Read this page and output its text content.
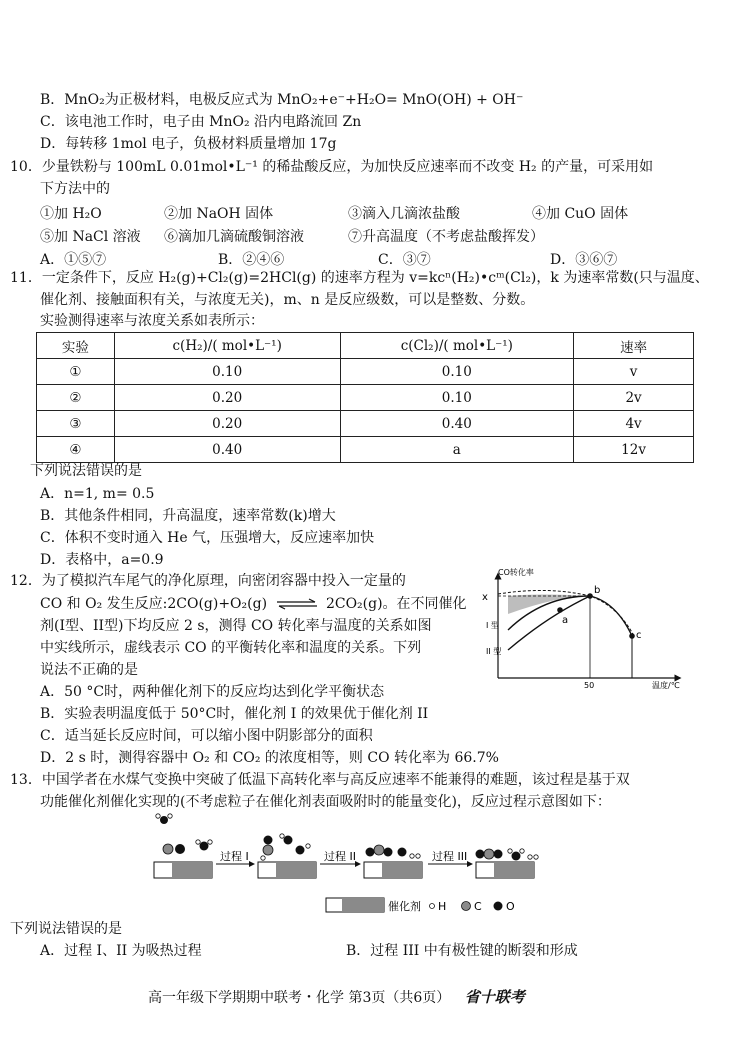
B．MnO₂为正极材料，电极反应式为 MnO₂+e⁻+H₂O= MnO(OH) + OH⁻
C．该电池工作时，电子由 MnO₂ 沿内电路流回 Zn
D．每转移 1mol 电子，负极材料质量增加 17g
10．少量铁粉与 100mL 0.01mol•L⁻¹ 的稀盐酸反应，为加快反应速率而不改变 H₂ 的产量，可采用如
下方法中的
①加 H₂O	②加 NaOH 固体	③滴入几滴浓盐酸	④加 CuO 固体
⑤加 NaCl 溶液 ⑥滴加几滴硫酸铜溶液	⑦升高温度（不考虑盐酸挥发）
A．①⑤⑦	B．②④⑥	C．③⑦	D．③⑥⑦
11．一定条件下，反应 H₂(g)+Cl₂(g)=2HCl(g) 的速率方程为 v=kcⁿ(H₂)•cᵐ(Cl₂)，k 为速率常数(只与温度、
催化剂、接触面积有关，与浓度无关)，m、n 是反应级数，可以是整数、分数。
实验测得速率与浓度关系如表所示：
实验	c(H₂)/( mol•L⁻¹)	c(Cl₂)/( mol•L⁻¹)	速率
①	0.10	0.10	v
②	0.20	0.10	2v
③	0.20	0.40	4v
④	0.40	a	12v
下列说法错误的是
A．n=1, m= 0.5
B．其他条件相同，升高温度，速率常数(k)增大
C．体积不变时通入 He 气，压强增大，反应速率加快
D．表格中，a=0.9
12．为了模拟汽车尾气的净化原理，向密闭容器中投入一定量的
CO 和 O₂ 发生反应:2CO(g)+O₂(g) ⇌ 2CO₂(g)。在不同催化
剂(I型、II型)下均反应 2 s，测得 CO 转化率与温度的关系如图
中实线所示，虚线表示 CO 的平衡转化率和温度的关系。下列
说法不正确的是
CO转化率
x
b
a
c
I 型
II 型
50	温度/℃
A．50 °C时，两种催化剂下的反应均达到化学平衡状态
B．实验表明温度低于 50°C时，催化剂 I 的效果优于催化剂 II
C．适当延长反应时间，可以缩小图中阴影部分的面积
D．2 s 时，测得容器中 O₂ 和 CO₂ 的浓度相等，则 CO 转化率为 66.7%
13．中国学者在水煤气变换中突破了低温下高转化率与高反应速率不能兼得的难题，该过程是基于双
功能催化剂催化实现的(不考虑粒子在催化剂表面吸附时的能量变化)，反应过程示意图如下：
过程 I	过程 II	过程 III
催化剂 H	C O
下列说法错误的是
A．过程 I、II 为吸热过程	B．过程 III 中有极性键的断裂和形成
高一年级下学期期中联考・化学 第3页（共6页） 省十联考
